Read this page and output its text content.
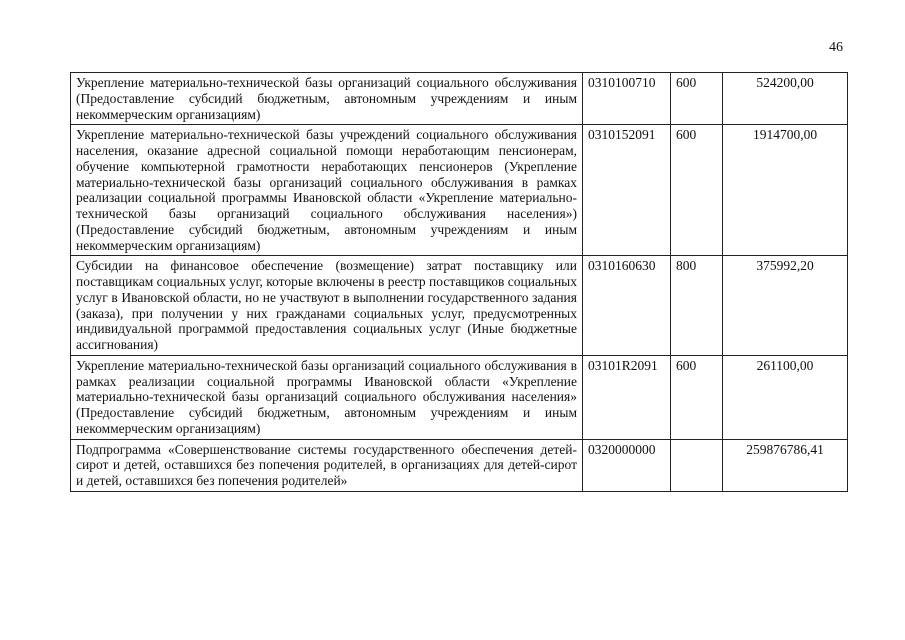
46
Укрепление материально-технической базы организаций социального обслуживания (Предоставление субсидий бюджетным, автономным учреждениям и иным некоммерческим организациям)	0310100710	600	524200,00
Укрепление материально-технической базы учреждений социального обслуживания населения, оказание адресной социальной помощи неработающим пенсионерам, обучение компьютерной грамотности неработающих пенсионеров (Укрепление материально-технической базы организаций социального обслуживания в рамках реализации социальной программы Ивановской области «Укрепление материально-технической базы организаций социального обслуживания населения») (Предоставление субсидий бюджетным, автономным учреждениям и иным некоммерческим организациям)	0310152091	600	1914700,00
Субсидии на финансовое обеспечение (возмещение) затрат поставщику или поставщикам социальных услуг, которые включены в реестр поставщиков социальных услуг в Ивановской области, но не участвуют в выполнении государственного задания (заказа), при получении у них гражданами социальных услуг, предусмотренных индивидуальной программой предоставления социальных услуг (Иные бюджетные ассигнования)	0310160630	800	375992,20
Укрепление материально-технической базы организаций социального обслуживания в рамках реализации социальной программы Ивановской области «Укрепление материально-технической базы организаций социального обслуживания населения» (Предоставление субсидий бюджетным, автономным учреждениям и иным некоммерческим организациям)	03101R2091	600	261100,00
Подпрограмма «Совершенствование системы государственного обеспечения детей-сирот и детей, оставшихся без попечения родителей, в организациях для детей-сирот и детей, оставшихся без попечения родителей»	0320000000		259876786,41
